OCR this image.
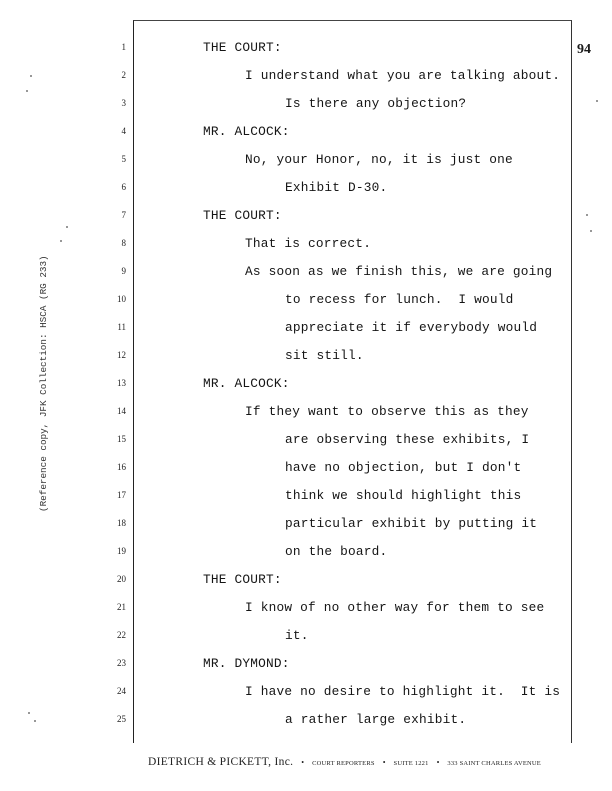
94
(Reference copy, JFK Collection: HSCA (RG 233)
1
2
3
4
5
6
7
8
9
10
11
12
13
14
15
16
17
18
19
20
21
22
23
24
25
THE COURT:
I understand what you are talking about.
Is there any objection?
MR. ALCOCK:
No, your Honor, no, it is just one
Exhibit D-30.
THE COURT:
That is correct.
As soon as we finish this, we are going
to recess for lunch.  I would
appreciate it if everybody would
sit still.
MR. ALCOCK:
If they want to observe this as they
are observing these exhibits, I
have no objection, but I don't
think we should highlight this
particular exhibit by putting it
on the board.
THE COURT:
I know of no other way for them to see
it.
MR. DYMOND:
I have no desire to highlight it.  It is
a rather large exhibit.
DIETRICH & PICKETT, Inc. • COURT REPORTERS • SUITE 1221 • 333 SAINT CHARLES AVENUE
